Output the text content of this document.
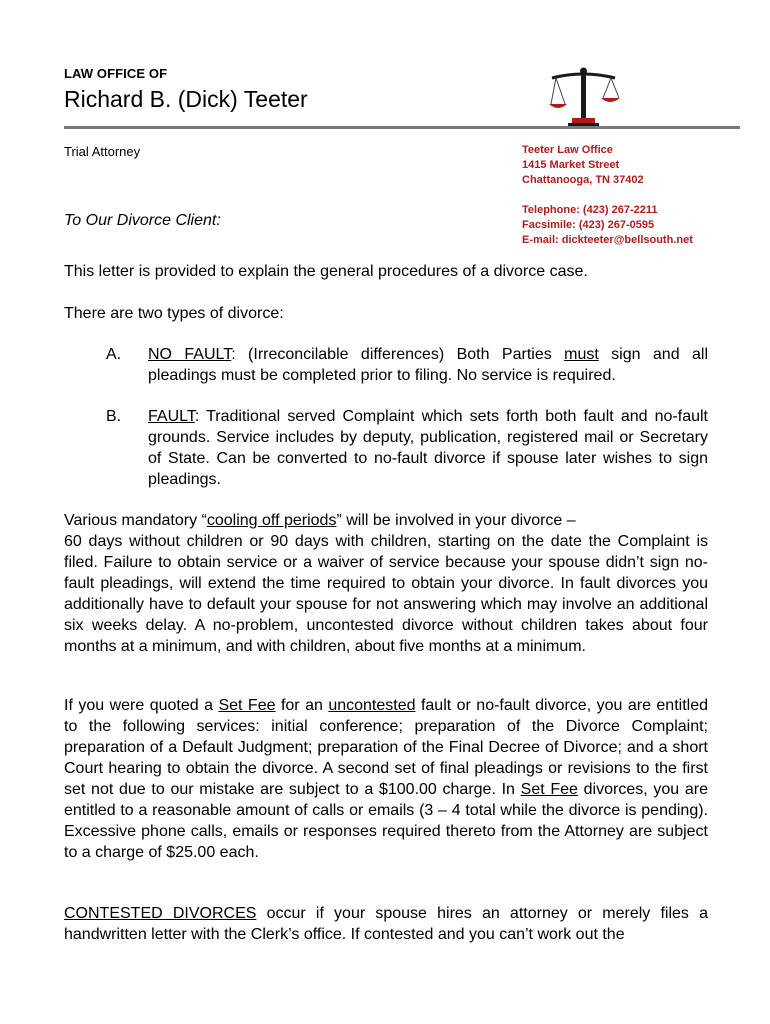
LAW OFFICE OF
Richard B. (Dick) Teeter
Trial Attorney	Teeter Law Office
1415 Market Street
Chattanooga, TN 37402
Telephone: (423) 267-2211
Facsimile: (423) 267-0595
E-mail: dickteeter@bellsouth.net
To Our Divorce Client:
This letter is provided to explain the general procedures of a divorce case.
There are two types of divorce:
A. NO FAULT: (Irreconcilable differences) Both Parties must sign and all pleadings must be completed prior to filing. No service is required.
B. FAULT: Traditional served Complaint which sets forth both fault and no-fault grounds. Service includes by deputy, publication, registered mail or Secretary of State. Can be converted to no-fault divorce if spouse later wishes to sign pleadings.
Various mandatory “cooling off periods” will be involved in your divorce –
60 days without children or 90 days with children, starting on the date the Complaint is filed. Failure to obtain service or a waiver of service because your spouse didn’t sign no-fault pleadings, will extend the time required to obtain your divorce. In fault divorces you additionally have to default your spouse for not answering which may involve an additional six weeks delay. A no-problem, uncontested divorce without children takes about four months at a minimum, and with children, about five months at a minimum.
If you were quoted a Set Fee for an uncontested fault or no-fault divorce, you are entitled to the following services: initial conference; preparation of the Divorce Complaint; preparation of a Default Judgment; preparation of the Final Decree of Divorce; and a short Court hearing to obtain the divorce. A second set of final pleadings or revisions to the first set not due to our mistake are subject to a $100.00 charge. In Set Fee divorces, you are entitled to a reasonable amount of calls or emails (3 – 4 total while the divorce is pending). Excessive phone calls, emails or responses required thereto from the Attorney are subject to a charge of $25.00 each.
CONTESTED DIVORCES occur if your spouse hires an attorney or merely files a handwritten letter with the Clerk’s office. If contested and you can’t work out the
